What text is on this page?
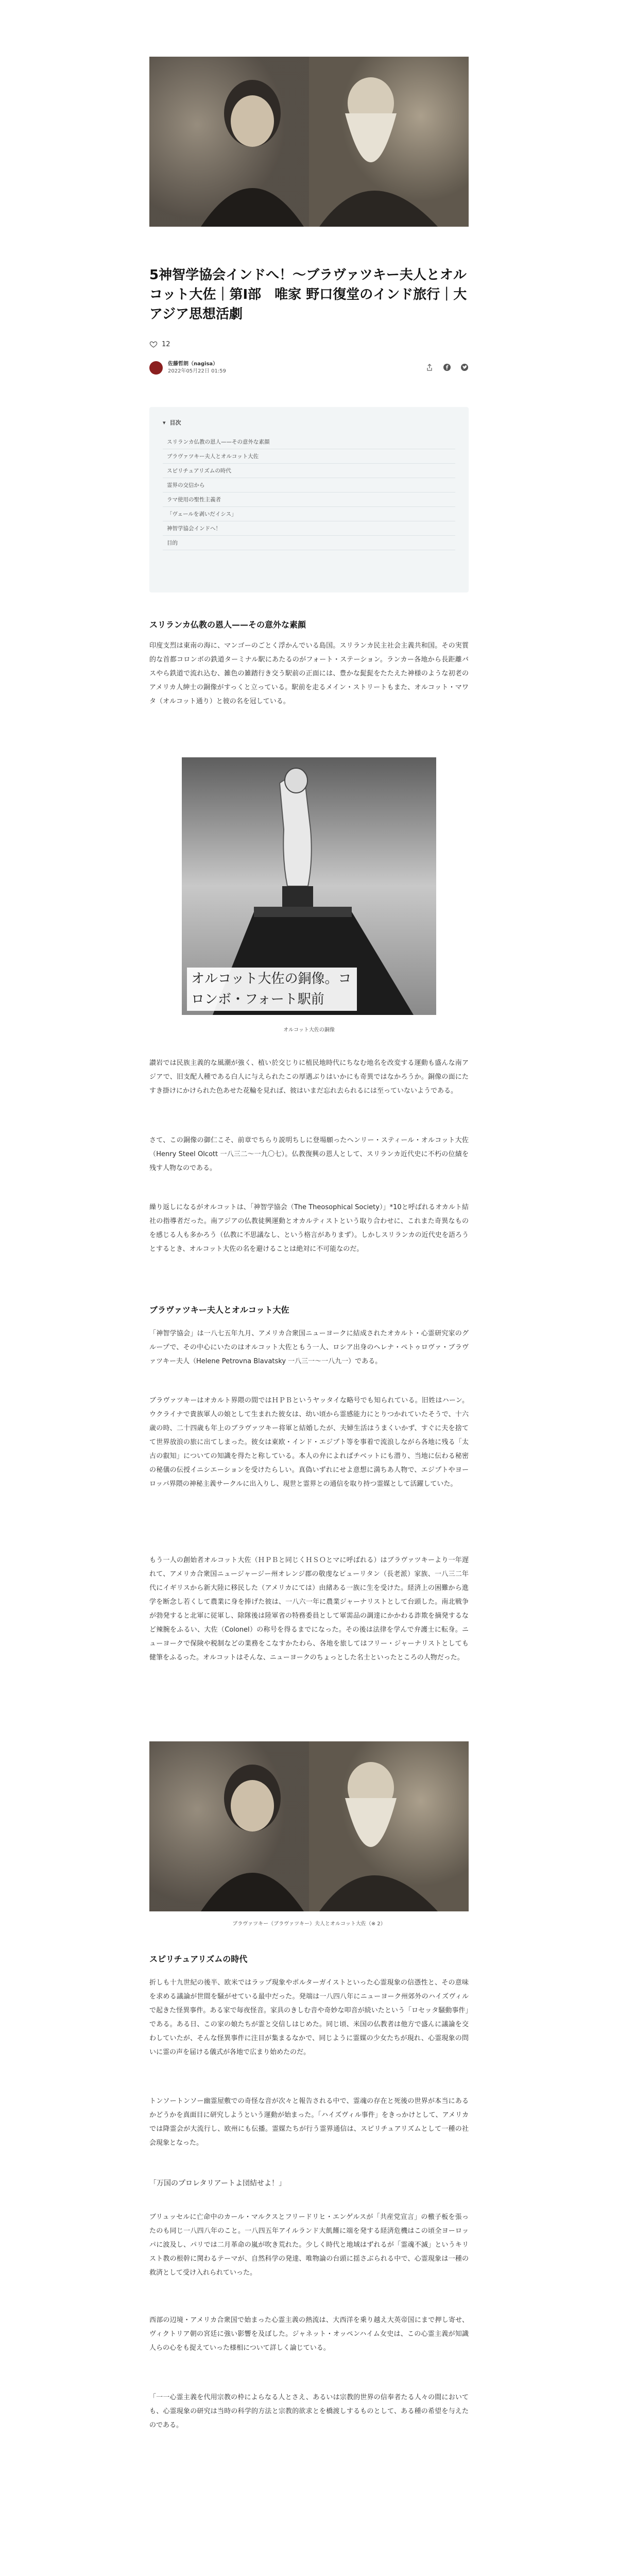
5神智学協会インドへ！〜ブラヴァツキー夫人とオルコット大佐｜第Ⅰ部　唯家 野口復堂のインド旅行｜大アジア思想活劇
12
佐藤哲朗（nagisa）
2022年05月22日 01:59
▾ 目次
スリランカ仏教の恩人——その意外な素顔
ブラヴァツキー夫人とオルコット大佐
スピリチュアリズムの時代
霊界の交信から
ラマ使用の聖性主義者
「ヴェールを剥いだイシス」
神智学協会インドへ！
目的
スリランカ仏教の恩人——その意外な素顔

印度支烈は東南の海に、マンゴーのごとく浮かんでいる島国。スリランカ民主社会主義共和国。その実質的な首都コロンボの鉄道ターミナル駅にあたるのがフォート・ステーション。ランカー各地から長距離バスやら鉄道で流れ込む、雑色の雑踏行き交う駅前の正面には、豊かな髭髭をたたえた神様のような初老のアメリカ人紳士の銅像がすっくと立っている。駅前を走るメイン・ストリートもまた、オルコット・マワタ（オルコット通り）と彼の名を冠している。

オルコット大佐の銅像。コロンボ・フォート駅前
オルコット大佐の銅像

讃岩では民族主義的な風潮が強く、植い於交じりに植民地時代にちなむ地名を改変する運動も盛んな南アジアで、旧支配人種である白人に与えられたこの厚遇ぶりはいかにも奇異ではなかろうか。銅像の面にたすき掛けにかけられた色あせた花輪を見れば、彼はいまだ忘れ去られるには至っていないようである。

さて、この銅像の御仁こそ、前章でちらり説明ちしに登場願ったヘンリー・スティール・オルコット大佐（Henry Steel Olcott 一八三二〜一九〇七）。仏教復興の恩人として、スリランカ近代史に不朽の位績を残す人物なのである。

繰り返しになるがオルコットは、「神智学協会（The Theosophical Society）」*10と呼ばれるオカルト結社の指導者だった。南アジアの仏教徒興運動とオカルティストという取り合わせに、これまた奇異なものを感じる人も多かろう（仏教に不思議なし、という格言がありまず）。しかしスリランカの近代史を語ろうとするとき、オルコット大佐の名を避けることは絶対に不可能なのだ。

ブラヴァツキー夫人とオルコット大佐

「神智学協会」は一八七五年九月、アメリカ合衆国ニューヨークに結成されたオカルト・心霊研究家のグループで、その中心にいたのはオルコット大佐ともう一人、ロシア出身のヘレナ・ペトゥロヴァ・ブラヴァツキー夫人（Helene Petrovna Blavatsky 一八三一〜一八九一）である。

ブラヴァツキーはオカルト界隈の間ではＨＰＢというヤッタイな略号でも知られている。旧姓はハーン。ウクライナで貴族軍人の娘として生まれた彼女は、幼い頃から霊感能力にとりつかれていたそうで、十六歳の時、二十四歳も年上のブラヴァツキー将軍と結婚したが、夫婦生活はうまくいかず、すぐに夫を捨てて世界放浪の旅に出てしまった。彼女は東欧・インド・エジプト等を事着で流浪しながら各地に残る「太古の叡知」についての知識を得たと称している。本人の弁によればチベットにも潜り、当地に伝わる秘密の秘儀の伝授イニシエーションを受けたらしい。真偽いずれにせよ意想に満ちあ人物で、エジプトやヨーロッパ界隈の神秘主義サークルに出入りし、現世と霊界との通信を取り持つ霊媒として活躍していた。

もう一人の創始者オルコット大佐（ＨＰＢと同じくＨＳＯとマに呼ばれる）はブラヴァツキーより一年遅れて、アメリカ合衆国ニュージャージー州オレンジ郡の敬虔なピューリタン（長老派）家族、一八三二年代にイギリスから新大陸に移民した（アメリカにては）由緒ある一族に生を受けた。経済上の困難から進学を断念し若くして農業に身を捧げた彼は、一八六一年に農業ジャーナリストとして台頭した。南北戦争が勃発すると北軍に従軍し、除隊後は陸軍省の特務委員として軍需品の調達にかかわる詐欺を摘発するなど辣腕をふるい、大佐（Colonel）の称号を得るまでになった。その後は法律を学んで弁護士に転身。ニューヨークで保険や税制などの業務をこなすかたわら、各地を旅してはフリー・ジャーナリストとしても健筆をふるった。オルコットはそんな、ニューヨークのちょっとした名士といったところの人物だった。

ブラヴァツキー（ブラヴァツキー）夫人とオルコット大佐（※ 2）
スピリチュアリズムの時代

折しも十九世紀の後半、欧米ではラップ現象やポルターガイストといった心霊現象の信憑性と、その意味を求める議論が世間を騒がせている最中だった。発端は一八四八年にニューヨーク州郊外のハイズヴィルで起きた怪異事件。ある家で毎夜怪音。家具のきしむ音や奇妙な叩音が続いたという「ロセッタ騒動事件」である。ある日、この家の娘たちが霊と交信しはじめた。同じ頃、米国の仏教者は他方で盛んに議論を交わしていたが、そんな怪異事件に注目が集まるなかで、同じように霊媒の少女たちが現れ、心霊現象の問いに霊の声を届ける儀式が各地で広まり始めたのだ。

トンソートンソー幽霊屋敷での奇怪な音が次々と報告される中で、霊魂の存在と死後の世界が本当にあるかどうかを真面目に研究しようという運動が始まった。「ハイズヴィル事件」をきっかけとして、アメリカでは降霊会が大流行し、欧州にも伝播。霊媒たちが行う霊界通信は、スピリチュアリズムとして一種の社会現象となった。

「万国のプロレタリアートよ団結せよ！」

ブリュッセルに亡命中のカール・マルクスとフリードリヒ・エンゲルスが「共産党宣言」の檄子板を張ったのも同じ一八四八年のこと。一八四五年アイルランド大飢饉に端を発する経済危機はこの頃全ヨーロッパに波及し、パリでは二月革命の嵐が吹き荒れた。少しく時代と地域はずれるが「霊魂不滅」というキリスト教の根幹に関わるテーマが、自然科学の発達、唯物論の台頭に揺さぶられる中で、心霊現象は一種の救済として受け入れられていった。

西部の辺境・アメリカ合衆国で始まった心霊主義の熱流は、大西洋を乗り越え大英帝国にまで押し寄せ、ヴィクトリア朝の宮廷に強い影響を及ぼした。ジャネット・オッペンハイム女史は、この心霊主義が知識人らの心をも捉えていった様相について詳しく論じている。

「一一心霊主義を代用宗教の枠によらなる人とさえ、あるいは宗教的世界の信奉者たる人々の間においても、心霊現象の研究は当時の科学的方法と宗教的欲求とを橋渡しするものとして、ある種の希望を与えたのである。
